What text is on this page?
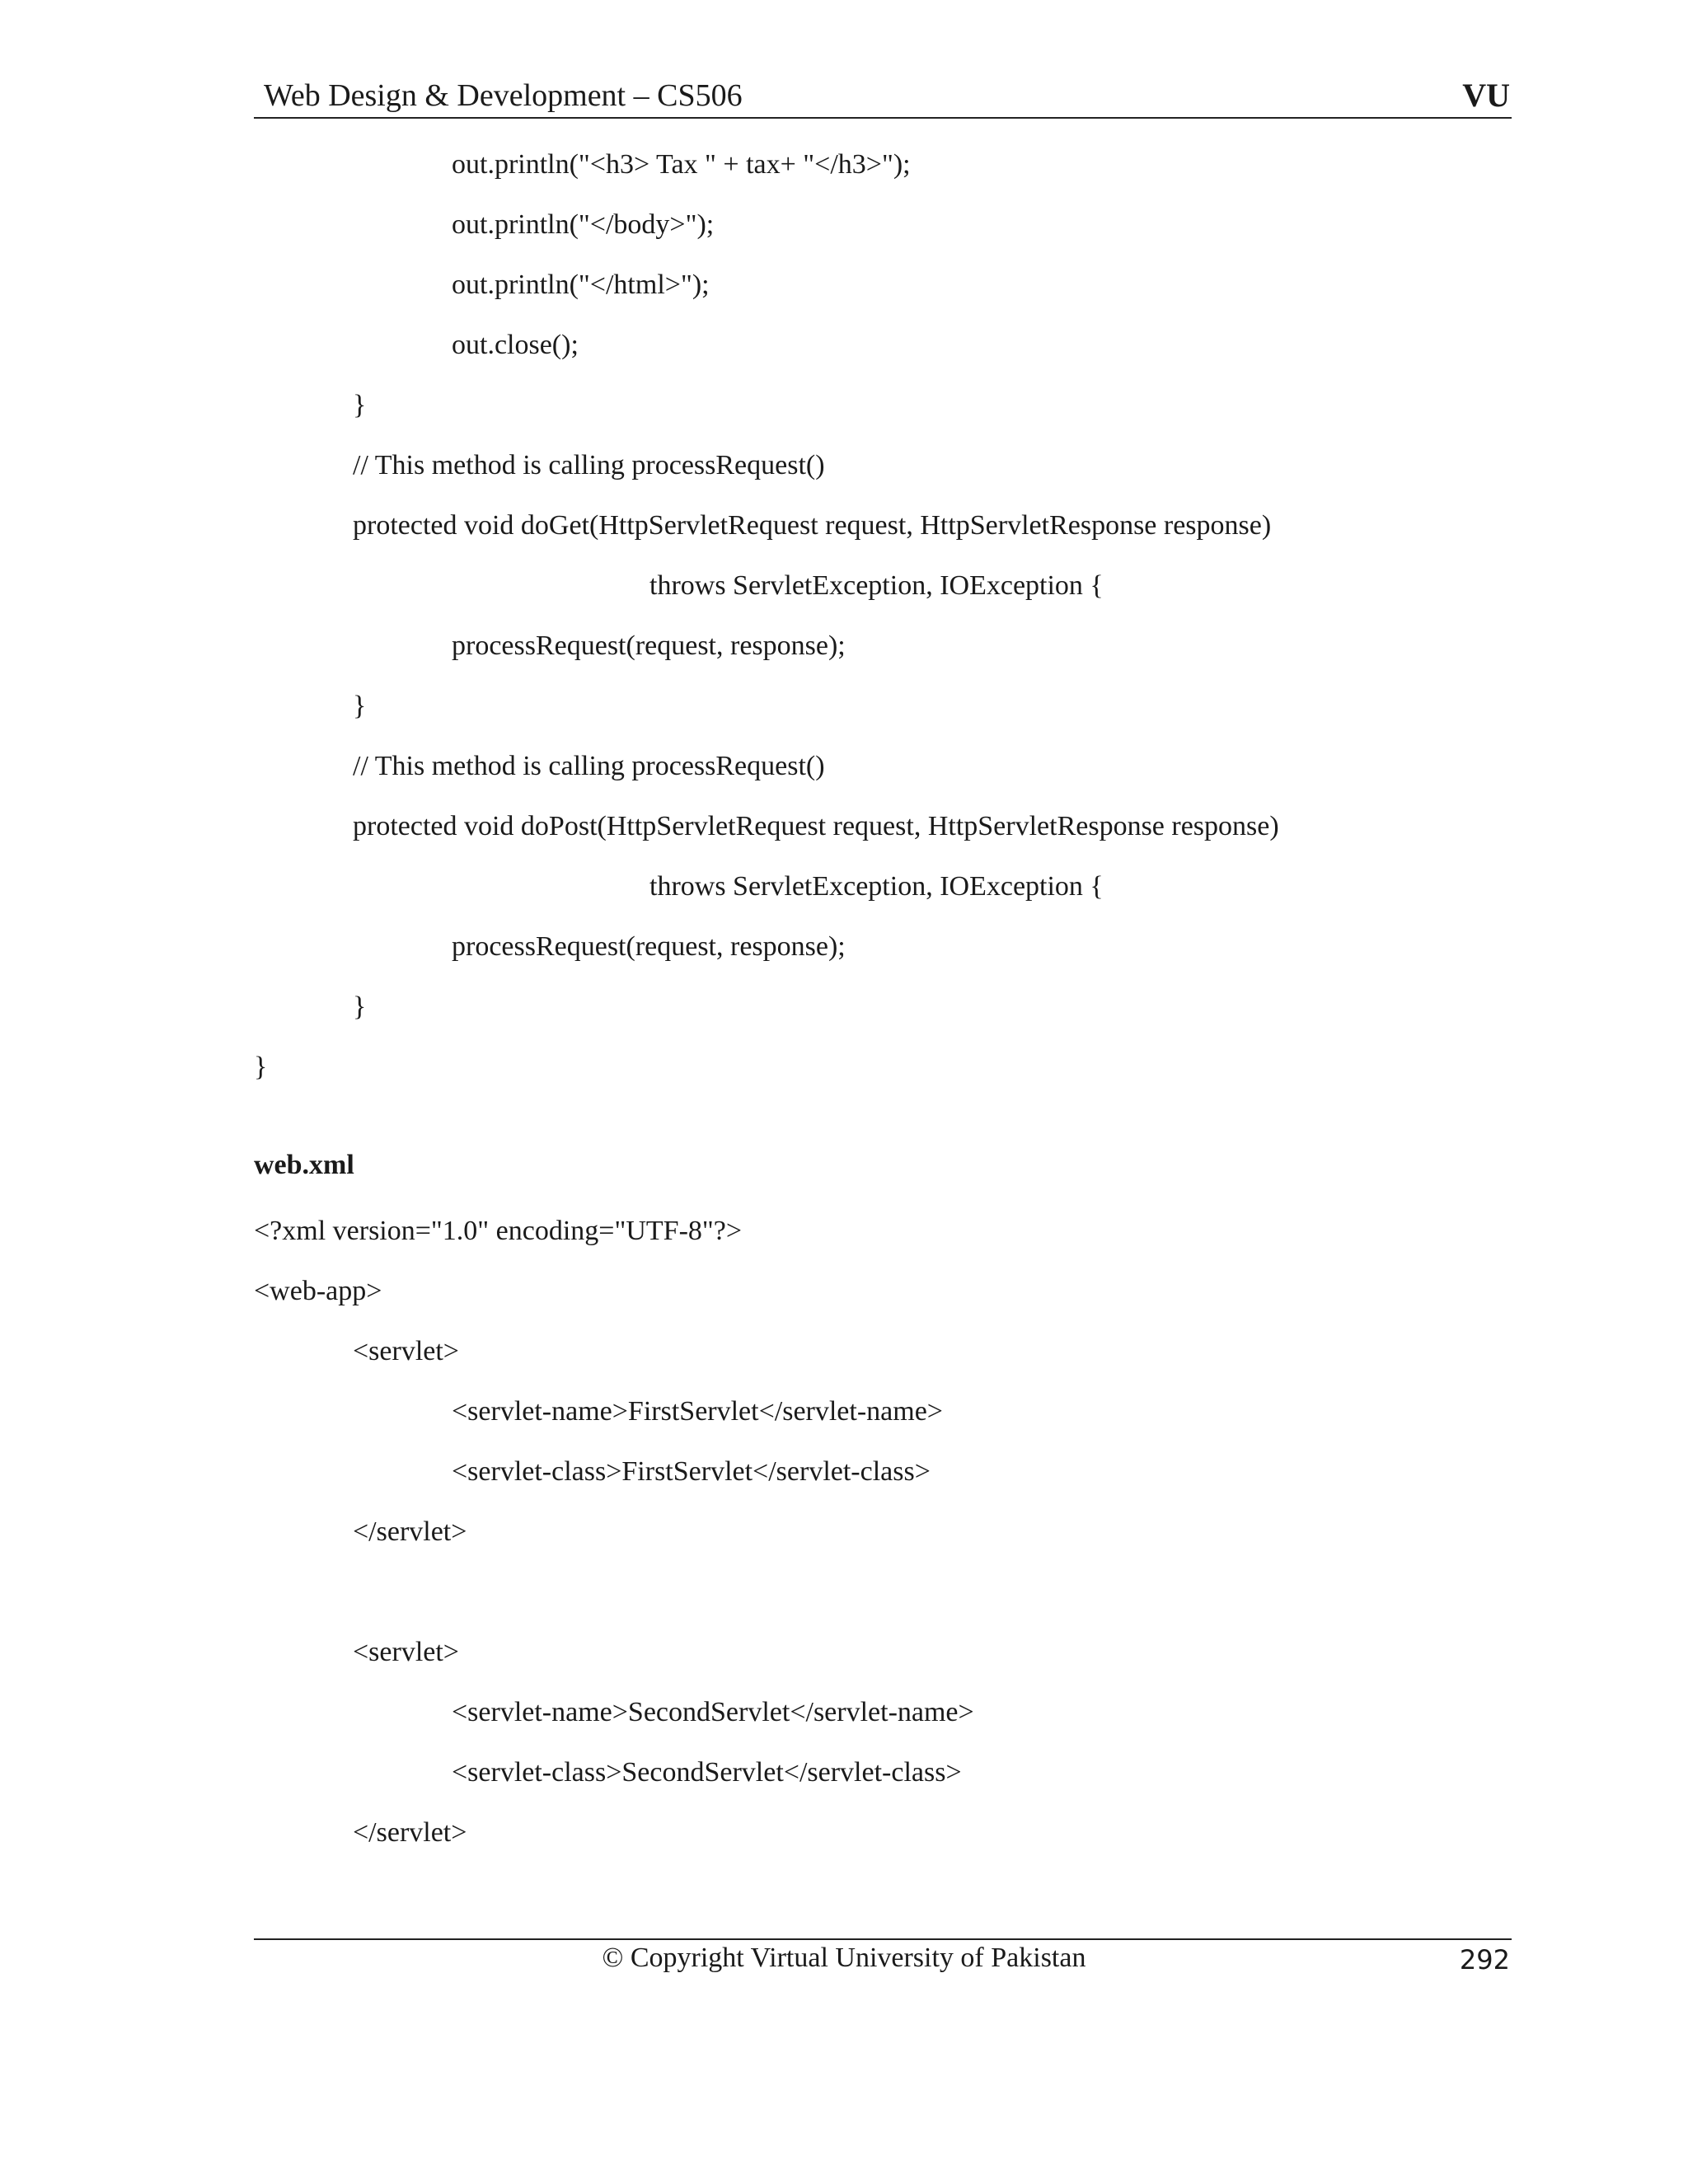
Web Design & Development – CS506	VU
out.println("<h3> Tax " + tax+ "</h3>");
out.println("</body>");
out.println("</html>");
out.close();
}
// This method is calling processRequest()
protected void doGet(HttpServletRequest request, HttpServletResponse response)
throws ServletException, IOException {
processRequest(request, response);
}
// This method is calling processRequest()
protected void doPost(HttpServletRequest request, HttpServletResponse response)
throws ServletException, IOException {
processRequest(request, response);
}
}
web.xml
<?xml version="1.0" encoding="UTF-8"?>
<web-app>
<servlet>
<servlet-name>FirstServlet</servlet-name>
<servlet-class>FirstServlet</servlet-class>
</servlet>
<servlet>
<servlet-name>SecondServlet</servlet-name>
<servlet-class>SecondServlet</servlet-class>
</servlet>
© Copyright Virtual University of Pakistan	292
